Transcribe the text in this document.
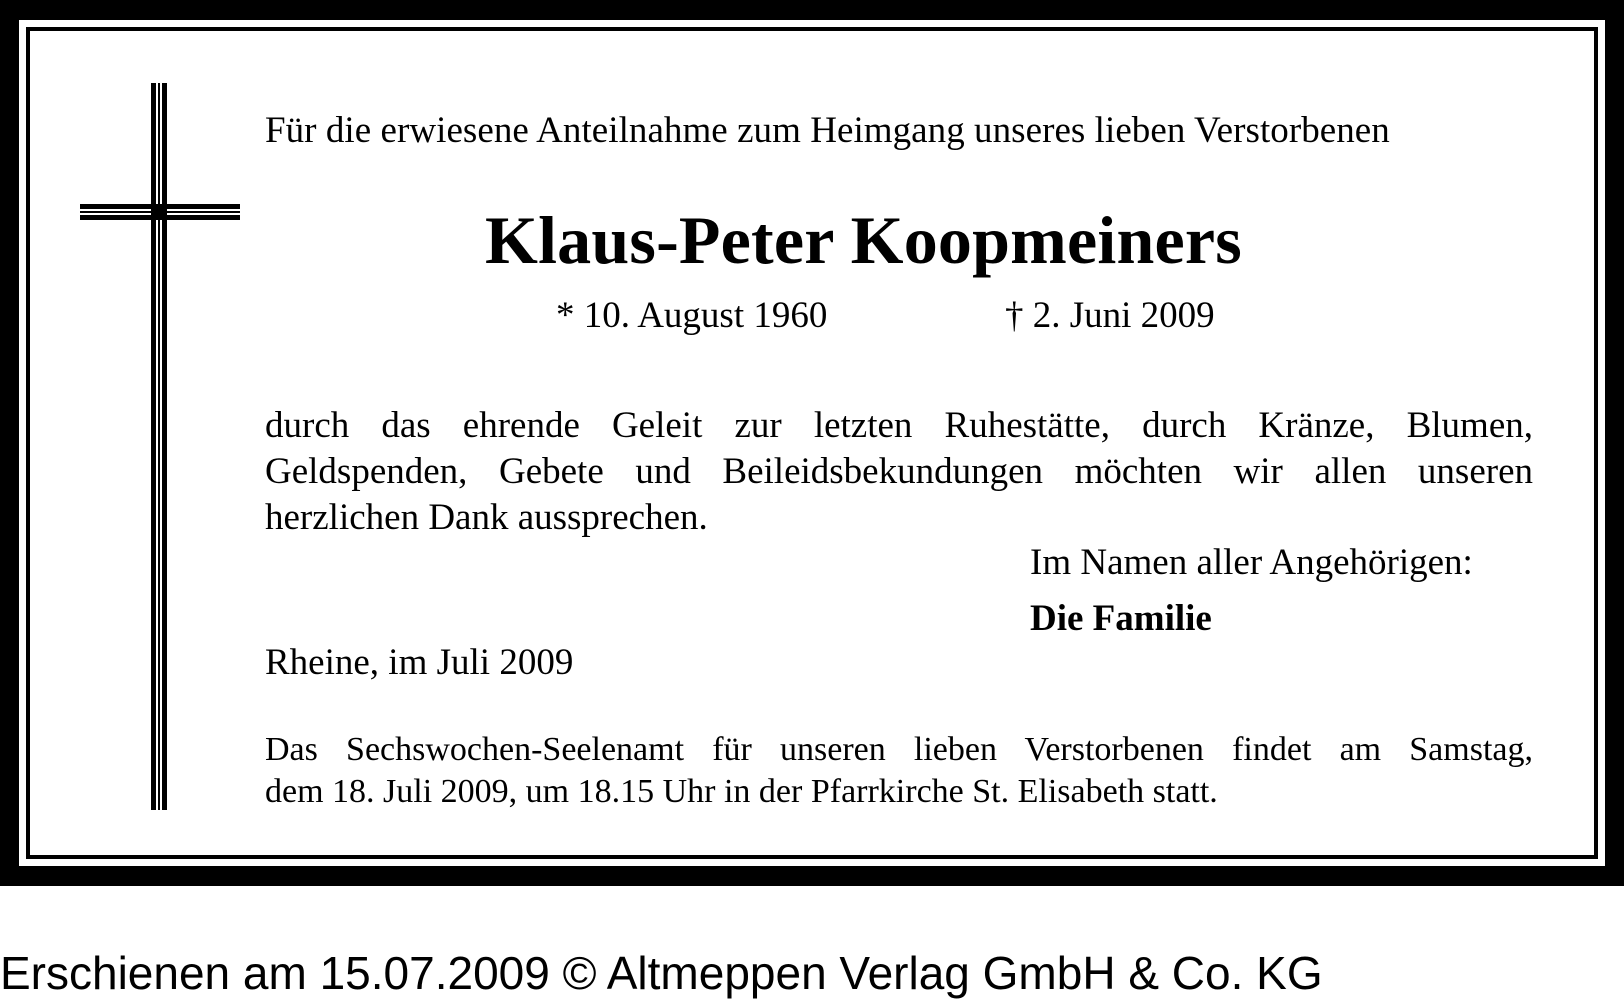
Für die erwiesene Anteilnahme zum Heimgang unseres lieben Verstorbenen
Klaus-Peter Koopmeiners
* 10. August 1960	† 2. Juni 2009
durch das ehrende Geleit zur letzten Ruhestätte, durch Kränze, Blumen,
Geldspenden, Gebete und Beileidsbekundungen möchten wir allen unseren
herzlichen Dank aussprechen.
Im Namen aller Angehörigen:
Die Familie
Rheine, im Juli 2009
Das Sechswochen-Seelenamt für unseren lieben Verstorbenen findet am Samstag,
dem 18. Juli 2009, um 18.15 Uhr in der Pfarrkirche St. Elisabeth statt.
Erschienen am 15.07.2009 © Altmeppen Verlag GmbH & Co. KG
